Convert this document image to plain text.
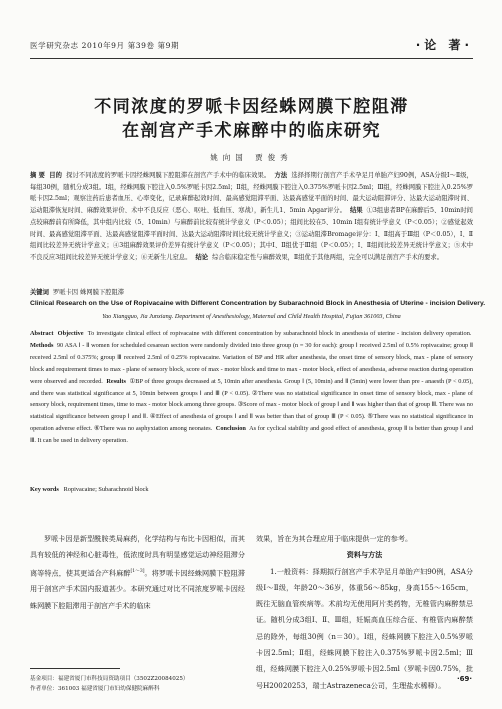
医学研究杂志 2010年9月 第39卷 第9期	·论 著·
不同浓度的罗哌卡因经蛛网膜下腔阻滞
在剖宫产手术麻醉中的临床研究
姚向国 贾俊秀
摘 要 目的 探讨不同浓度的罗哌卡因经蛛网膜下腔阻滞在剖宫产手术中的临床效果。 方法 选择择期行剖宫产手术孕足月单胎产妇90例，ASA分级Ⅰ～Ⅱ级，每组30例，随机分成3组。Ⅰ组，经蛛网膜下腔注入0.5%罗哌卡因2.5ml；Ⅱ组，经蛛网膜下腔注入0.375%罗哌卡因2.5ml；Ⅲ组，经蛛网膜下腔注入0.25%罗哌卡因2.5ml；观察注药后患者血压、心率变化，记录麻醉起效时间、最高感觉阻滞平面、达最高感觉平面的时间、最大运动阻滞评分、达最大运动阻滞时间、运动阻滞恢复时间、麻醉效果评价、术中不良反应（恶心、呕吐、低血压、寒战），新生儿1、5min Apgar评分。 结果 ①3组患者BP在麻醉后5、10min时间点较麻醉前有所降低，其中组内比较（5、10min）与麻醉前比较有统计学意义（P＜0.05）；组间比较在5、10min Ⅰ组有统计学意义（P＜0.05）；②感觉起效时间、最高感觉阻滞平面、达最高感觉阻滞平面时间、达最大运动阻滞时间比较无统计学意义；③运动阻滞Bromage评分：Ⅰ、Ⅱ组高于Ⅲ组（P＜0.05），Ⅰ、Ⅱ组间比较差异无统计学意义；④3组麻醉效果评价差异有统计学意义（P＜0.05）；其中Ⅰ、Ⅱ组优于Ⅲ组（P＜0.05）；Ⅰ、Ⅱ组间比较差异无统计学意义；⑤术中不良反应3组间比较差异无统计学意义；⑥无新生儿窒息。 结论 综合临床稳定性与麻醉效果，Ⅱ组优于其他两组，完全可以满足剖宫产手术的要求。
关键词 罗哌卡因 蛛网膜下腔阻滞
Clinical Research on the Use of Ropivacaine with Different Concentration by Subarachnoid Block in Anesthesia of Uterine - incision Delivery.
Yao Xiangguo, Jia Junxiang. Department of Anesthesiology, Maternal and Child Health Hospital, Fujian 361003, China
Abstract Objective To investigate clinical effect of ropivacaine with different concentration by subarachnoid block in anesthesia of uterine - incision delivery operation.  Methods 90 ASA Ⅰ - Ⅱ women for scheduled cesarean section were randomly divided into three group (n = 30 for each): group Ⅰ received 2.5ml of 0.5% ropivacaine; group Ⅱ received 2.5ml of 0.375%; group Ⅲ received 2.5ml of 0.25% ropivacaine. Variation of BP and HR after anesthesia, the onset time of sensory block, max - plane of sensory block and requirement times to max - plane of sensory block, score of max - motor block and time to max - motor block, effect of anesthesia, adverse reaction during operation were observed and recorded. Results ①BP of three groups decreased at 5, 10min after anesthesia. Group Ⅰ (5, 10min) and Ⅱ (5min) were lower than pre - anaesth (P < 0.05), and there was statistical significance at 5, 10min between groups Ⅰ and Ⅲ (P < 0.05). ②There was no statistical significance in onset time of sensory block, max - plane of sensory block, requirement times, time to max - motor block among three groups. ③Score of max - motor block of group Ⅰ and Ⅱ was higher than that of group Ⅲ. There was no statistical significance between group Ⅰ and Ⅱ. ④Effect of anesthesia of groups Ⅰ and Ⅱ was better than that of group Ⅲ (P < 0.05). ⑤There was no statistical significance in operation adverse effect. ⑥There was no asphyxiation among neonates. Conclusion As for cyclical stability and good effect of anesthesia, group Ⅱ is better than group Ⅰ and Ⅲ. It can be used in delivery operation.
Key words Ropivacaine; Subarachnoid block

罗哌卡因是新型酰胺类局麻药，化学结构与布比卡因相似，而其具有较低的神经和心脏毒性，低浓度时具有明显感觉运动神经阻滞分离等特点，使其更适合产科麻醉[1～3]。将罗哌卡因经蛛网膜下腔阻滞用于剖宫产手术国内报道甚少。本研究通过对比不同浓度罗哌卡因经蛛网膜下腔阻滞用于剖宫产手术的临床

效果，旨在为其合理应用于临床提供一定的参考。

资料与方法

1.一般资料：择期拟行剖宫产手术孕足月单胎产妇90例，ASA分级Ⅰ～Ⅱ级，年龄20～36岁，体重56～85kg，身高155～165cm，既往无脑血管疾病等。术前均无使用阿片类药物，无椎管内麻醉禁忌证。随机分成3组Ⅰ、Ⅱ、Ⅲ组，妊娠高血压综合征、有椎管内麻醉禁忌的除外，每组30例（n＝30）。Ⅰ组，经蛛网膜下腔注入0.5%罗哌卡因2.5ml；Ⅱ组，经蛛网膜下腔注入0.375%罗哌卡因2.5ml；Ⅲ组，经蛛网膜下腔注入0.25%罗哌卡因2.5ml（罗哌卡因0.75%，批号H20020253，瑞士Astrazeneca公司，生理盐水稀释）。

基金项目：福建省厦门市科技局资助项目（3502Z20084025）
作者单位：361003 福建省厦门市妇幼保健院麻醉科
·69·
